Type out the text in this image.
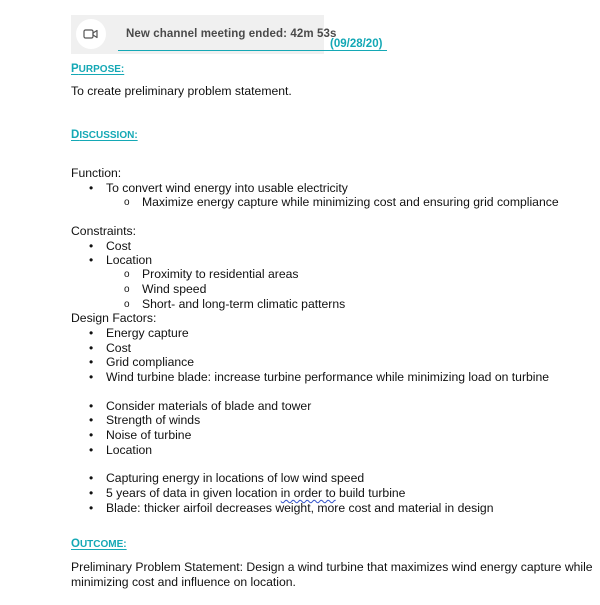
New channel meeting ended: 42m 53s
(09/28/20)
PURPOSE:
To create preliminary problem statement.
DISCUSSION:
Function:
• To convert wind energy into usable electricity
o Maximize energy capture while minimizing cost and ensuring grid compliance
Constraints:
• Cost
• Location
o Proximity to residential areas
o Wind speed
o Short- and long-term climatic patterns
Design Factors:
• Energy capture
• Cost
• Grid compliance
• Wind turbine blade: increase turbine performance while minimizing load on turbine
• Consider materials of blade and tower
• Strength of winds
• Noise of turbine
• Location
• Capturing energy in locations of low wind speed
• 5 years of data in given location in order to build turbine
• Blade: thicker airfoil decreases weight, more cost and material in design
OUTCOME:
Preliminary Problem Statement: Design a wind turbine that maximizes wind energy capture while
minimizing cost and influence on location.
